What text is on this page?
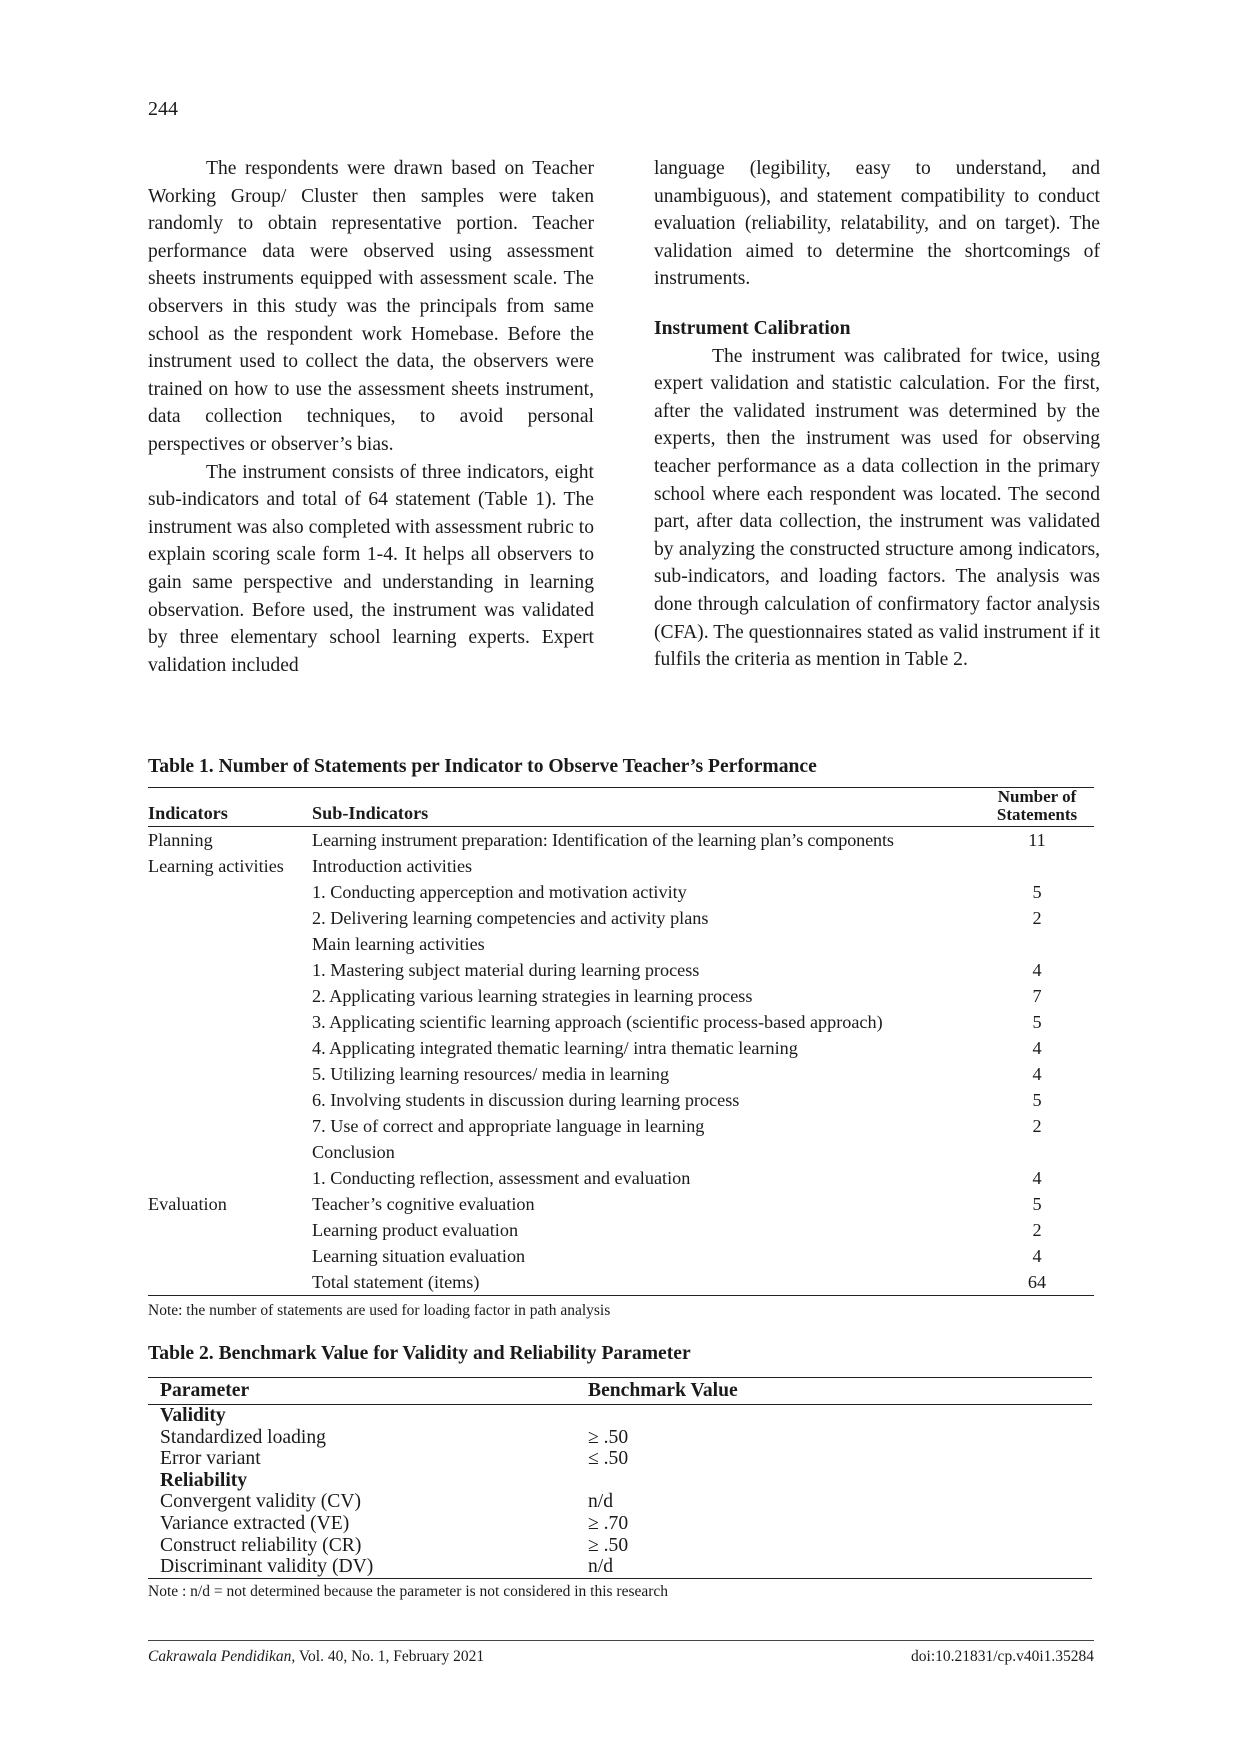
244

The respondents were drawn based on Teacher Working Group/ Cluster then samples were taken randomly to obtain representative portion. Teacher performance data were observed using assessment sheets instruments equipped with assessment scale. The observers in this study was the principals from same school as the respondent work Homebase. Before the instrument used to collect the data, the observers were trained on how to use the assessment sheets instrument, data collection techniques, to avoid personal perspectives or observer’s bias.

The instrument consists of three indicators, eight sub-indicators and total of 64 statement (Table 1). The instrument was also completed with assessment rubric to explain scoring scale form 1-4. It helps all observers to gain same perspective and understanding in learning observation. Before used, the instrument was validated by three elementary school learning experts. Expert validation included

language (legibility, easy to understand, and unambiguous), and statement compatibility to conduct evaluation (reliability, relatability, and on target). The validation aimed to determine the shortcomings of instruments.

Instrument Calibration

The instrument was calibrated for twice, using expert validation and statistic calculation. For the first, after the validated instrument was determined by the experts, then the instrument was used for observing teacher performance as a data collection in the primary school where each respondent was located. The second part, after data collection, the instrument was validated by analyzing the constructed structure among indicators, sub-indicators, and loading factors. The analysis was done through calculation of confirmatory factor analysis (CFA). The questionnaires stated as valid instrument if it fulfils the criteria as mention in Table 2.

Table 1. Number of Statements per Indicator to Observe Teacher’s Performance
Indicators	Sub-Indicators	Number of Statements
Planning	Learning instrument preparation: Identification of the learning plan’s components	11
Learning activities	Introduction activities	
	1. Conducting apperception and motivation activity	5
	2. Delivering learning competencies and activity plans	2
	Main learning activities	
	1. Mastering subject material during learning process	4
	2. Applicating various learning strategies in learning process	7
	3. Applicating scientific learning approach (scientific process-based approach)	5
	4. Applicating integrated thematic learning/ intra thematic learning	4
	5. Utilizing learning resources/ media in learning	4
	6. Involving students in discussion during learning process	5
	7. Use of correct and appropriate language in learning	2
	Conclusion	
	1. Conducting reflection, assessment and evaluation	4
Evaluation	Teacher’s cognitive evaluation	5
	Learning product evaluation	2
	Learning situation evaluation	4
	Total statement (items)	64
Note: the number of statements are used for loading factor in path analysis
Table 2. Benchmark Value for Validity and Reliability Parameter
Parameter	Benchmark Value
Validity	
Standardized loading	≥ .50
Error variant	≤ .50
Reliability	
Convergent validity (CV)	n/d
Variance extracted (VE)	≥ .70
Construct reliability (CR)	≥ .50
Discriminant validity (DV)	n/d
Note : n/d = not determined because the parameter is not considered in this research
Cakrawala Pendidikan, Vol. 40, No. 1, February 2021	doi:10.21831/cp.v40i1.35284
